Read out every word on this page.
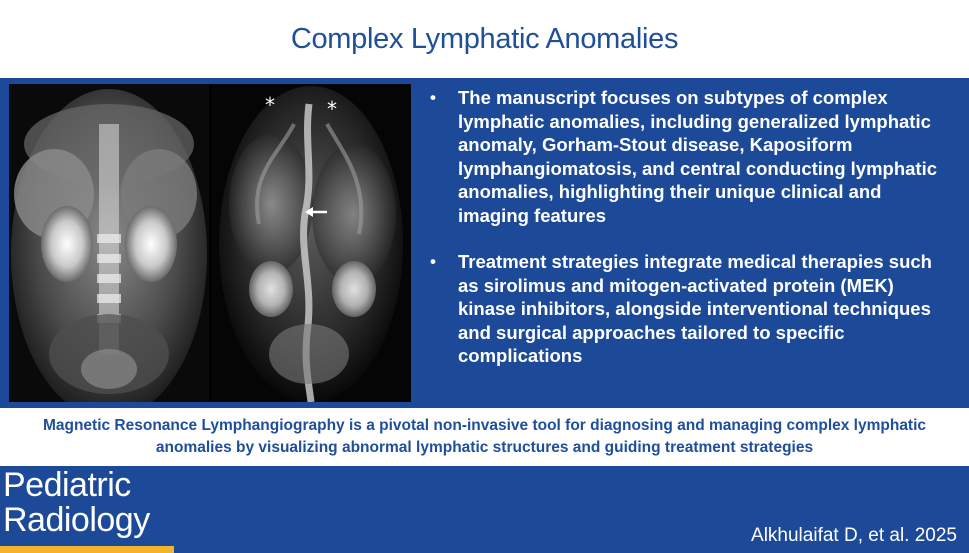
Complex Lymphatic Anomalies
*	*	• The manuscript focuses on subtypes of complex lymphatic anomalies, including generalized lymphatic anomaly, Gorham-Stout disease, Kaposiform lymphangiomatosis, and central conducting lymphatic anomalies, highlighting their unique clinical and imaging features
• Treatment strategies integrate medical therapies such as sirolimus and mitogen-activated protein (MEK) kinase inhibitors, alongside interventional techniques and surgical approaches tailored to specific complications

Magnetic Resonance Lymphangiography is a pivotal non-invasive tool for diagnosing and managing complex lymphatic anomalies by visualizing abnormal lymphatic structures and guiding treatment strategies

Pediatric
Radiology	Alkhulaifat D, et al. 2025
